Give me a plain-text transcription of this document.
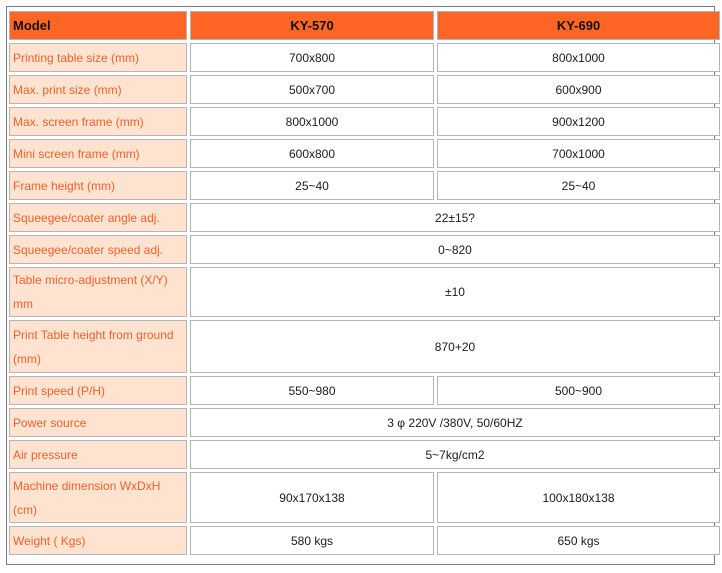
Model	KY-570	KY-690
Printing table size (mm)	700x800	800x1000
Max. print size (mm)	500x700	600x900
Max. screen frame (mm)	800x1000	900x1200
Mini screen frame (mm)	600x800	700x1000
Frame height (mm)	25~40	25~40
Squeegee/coater angle adj.	22±15?	
Squeegee/coater speed adj.	0~820	
Table micro-adjustment (X/Y) mm	±10	
Print Table height from ground (mm)	870+20	
Print speed (P/H)	550~980	500~900
Power source	3 φ 220V /380V, 50/60HZ	
Air pressure	5~7kg/cm2	
Machine dimension WxDxH (cm)	90x170x138	100x180x138
Weight ( Kgs)	580 kgs	650 kgs
